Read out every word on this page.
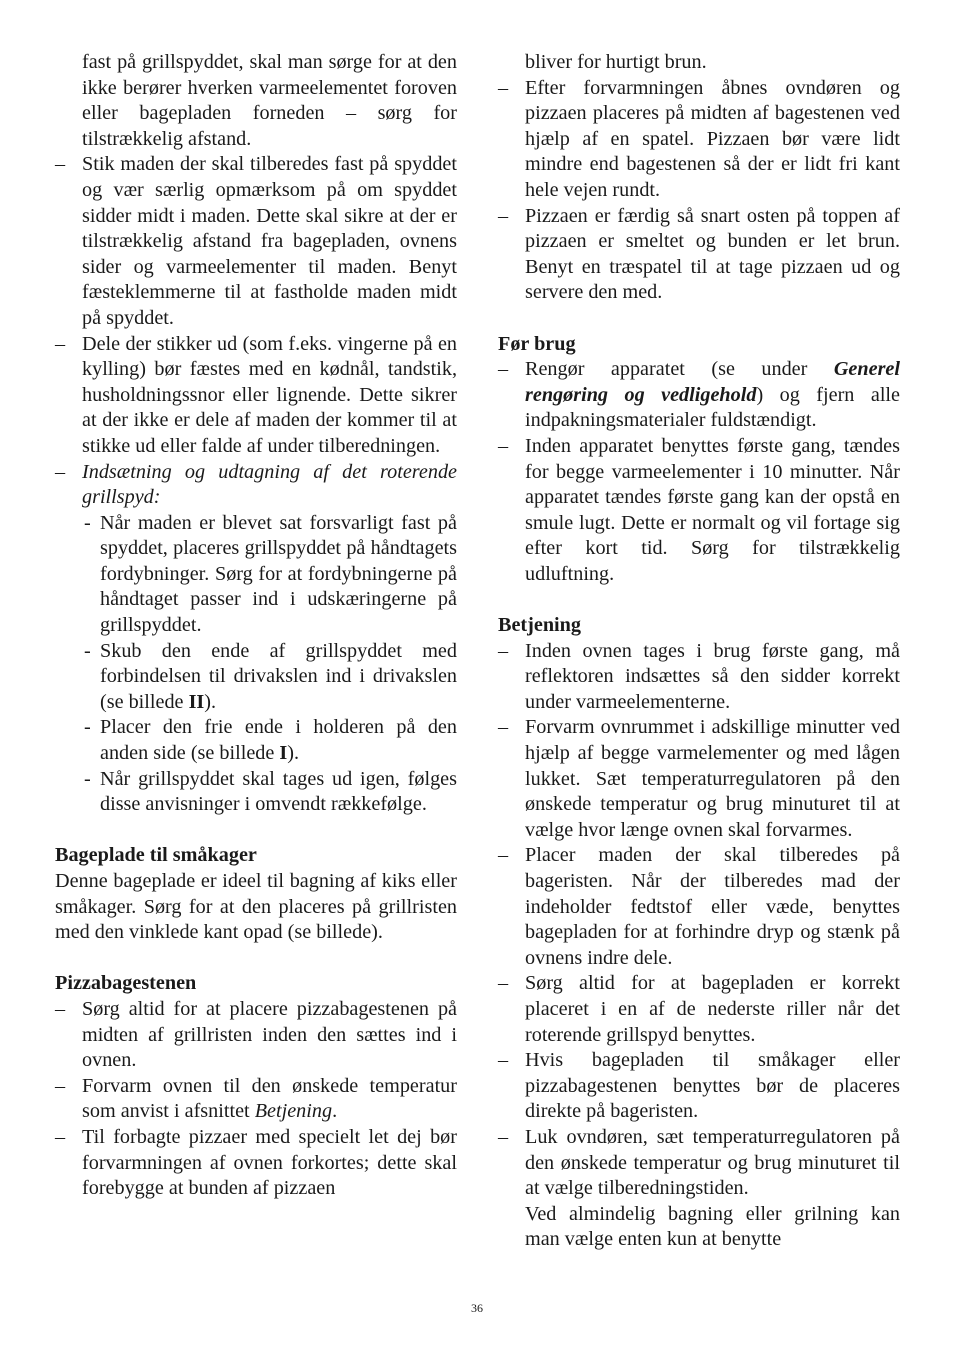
fast på grillspyddet, skal man sørge for at den ikke berører hverken varmeelementet foroven eller bagepladen forneden – sørg for tilstrækkelig afstand.

– Stik maden der skal tilberedes fast på spyddet og vær særlig opmærksom på om spyddet sidder midt i maden. Dette skal sikre at der er tilstrækkelig afstand fra bagepladen, ovnens sider og varmeelementer til maden. Benyt fæsteklemmerne til at fastholde maden midt på spyddet.

– Dele der stikker ud (som f.eks. vingerne på en kylling) bør fæstes med en kødnål, tandstik, husholdningssnor eller lignende. Dette sikrer at der ikke er dele af maden der kommer til at stikke ud eller falde af under tilberedningen.

– Indsætning og udtagning af det roterende grillspyd:

- Når maden er blevet sat forsvarligt fast på spyddet, placeres grillspyddet på håndtagets fordybninger. Sørg for at fordybningerne på håndtaget passer ind i udskæringerne på grillspyddet.

- Skub den ende af grillspyddet med forbindelsen til drivakslen ind i drivakslen (se billede II).

- Placer den frie ende i holderen på den anden side (se billede I).

- Når grillspyddet skal tages ud igen, følges disse anvisninger i omvendt rækkefølge.

Bageplade til småkager

Denne bageplade er ideel til bagning af kiks eller småkager. Sørg for at den placeres på grillristen med den vinklede kant opad (se billede).

Pizzabagestenen

– Sørg altid for at placere pizzabagestenen på midten af grillristen inden den sættes ind i ovnen.

– Forvarm ovnen til den ønskede temperatur som anvist i afsnittet Betjening.

– Til forbagte pizzaer med specielt let dej bør forvarmningen af ovnen forkortes; dette skal forebygge at bunden af pizzaen

bliver for hurtigt brun.

– Efter forvarmningen åbnes ovndøren og pizzaen placeres på midten af bagestenen ved hjælp af en spatel. Pizzaen bør være lidt mindre end bagestenen så der er lidt fri kant hele vejen rundt.

– Pizzaen er færdig så snart osten på toppen af pizzaen er smeltet og bunden er let brun. Benyt en træspatel til at tage pizzaen ud og servere den med.

Før brug

– Rengør apparatet (se under Generel rengøring og vedligehold) og fjern alle indpakningsmaterialer fuldstændigt.

– Inden apparatet benyttes første gang, tændes for begge varmeelementer i 10 minutter. Når apparatet tændes første gang kan der opstå en smule lugt. Dette er normalt og vil fortage sig efter kort tid. Sørg for tilstrækkelig udluftning.

Betjening

– Inden ovnen tages i brug første gang, må reflektoren indsættes så den sidder korrekt under varmeelementerne.

– Forvarm ovnrummet i adskillige minutter ved hjælp af begge varmelementer og med lågen lukket. Sæt temperaturregulatoren på den ønskede temperatur og brug minuturet til at vælge hvor længe ovnen skal forvarmes.

– Placer maden der skal tilberedes på bageristen. Når der tilberedes mad der indeholder fedtstof eller væde, benyttes bagepladen for at forhindre dryp og stænk på ovnens indre dele.

– Sørg altid for at bagepladen er korrekt placeret i en af de nederste riller når det roterende grillspyd benyttes.

– Hvis bagepladen til småkager eller pizzabagestenen benyttes bør de placeres direkte på bageristen.

– Luk ovndøren, sæt temperaturregulatoren på den ønskede temperatur og brug minuturet til at vælge tilberedningstiden.

Ved almindelig bagning eller grilning kan man vælge enten kun at benytte

36
